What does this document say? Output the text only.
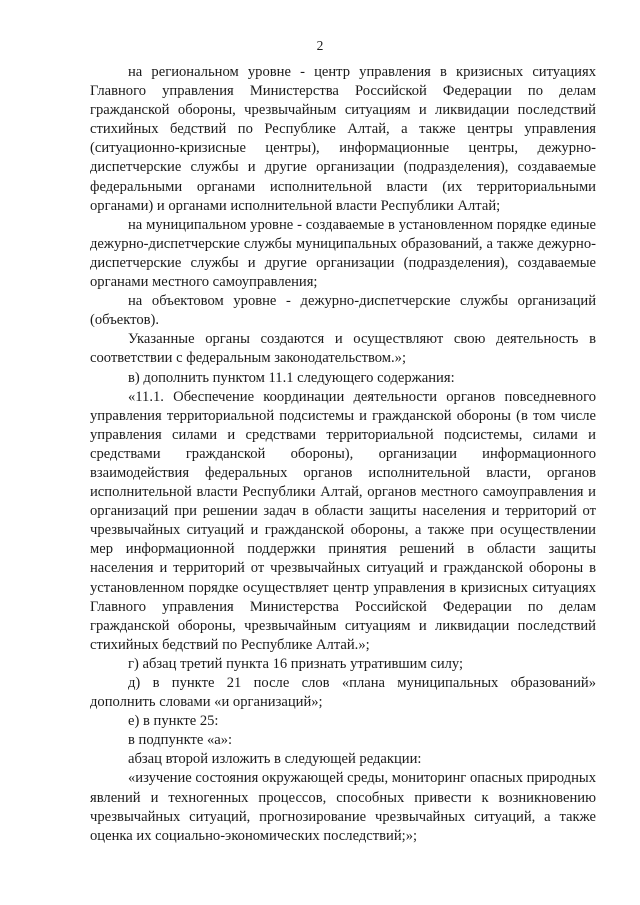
2

на региональном уровне - центр управления в кризисных ситуациях Главного управления Министерства Российской Федерации по делам гражданской обороны, чрезвычайным ситуациям и ликвидации последствий стихийных бедствий по Республике Алтай, а также центры управления (ситуационно-кризисные центры), информационные центры, дежурно-диспетчерские службы и другие организации (подразделения), создаваемые федеральными органами исполнительной власти (их территориальными органами) и органами исполнительной власти Республики Алтай;

на муниципальном уровне - создаваемые в установленном порядке единые дежурно-диспетчерские службы муниципальных образований, а также дежурно-диспетчерские службы и другие организации (подразделения), создаваемые органами местного самоуправления;

на объектовом уровне - дежурно-диспетчерские службы организаций (объектов).

Указанные органы создаются и осуществляют свою деятельность в соответствии с федеральным законодательством.»;

в) дополнить пунктом 11.1 следующего содержания:

«11.1. Обеспечение координации деятельности органов повседневного управления территориальной подсистемы и гражданской обороны (в том числе управления силами и средствами территориальной подсистемы, силами и средствами гражданской обороны), организации информационного взаимодействия федеральных органов исполнительной власти, органов исполнительной власти Республики Алтай, органов местного самоуправления и организаций при решении задач в области защиты населения и территорий от чрезвычайных ситуаций и гражданской обороны, а также при осуществлении мер информационной поддержки принятия решений в области защиты населения и территорий от чрезвычайных ситуаций и гражданской обороны в установленном порядке осуществляет центр управления в кризисных ситуациях Главного управления Министерства Российской Федерации по делам гражданской обороны, чрезвычайным ситуациям и ликвидации последствий стихийных бедствий по Республике Алтай.»;

г) абзац третий пункта 16 признать утратившим силу;

д) в пункте 21 после слов «плана муниципальных образований» дополнить словами «и организаций»;

е) в пункте 25:

в подпункте «а»:

абзац второй изложить в следующей редакции:

«изучение состояния окружающей среды, мониторинг опасных природных явлений и техногенных процессов, способных привести к возникновению чрезвычайных ситуаций, прогнозирование чрезвычайных ситуаций, а также оценка их социально-экономических последствий;»;
